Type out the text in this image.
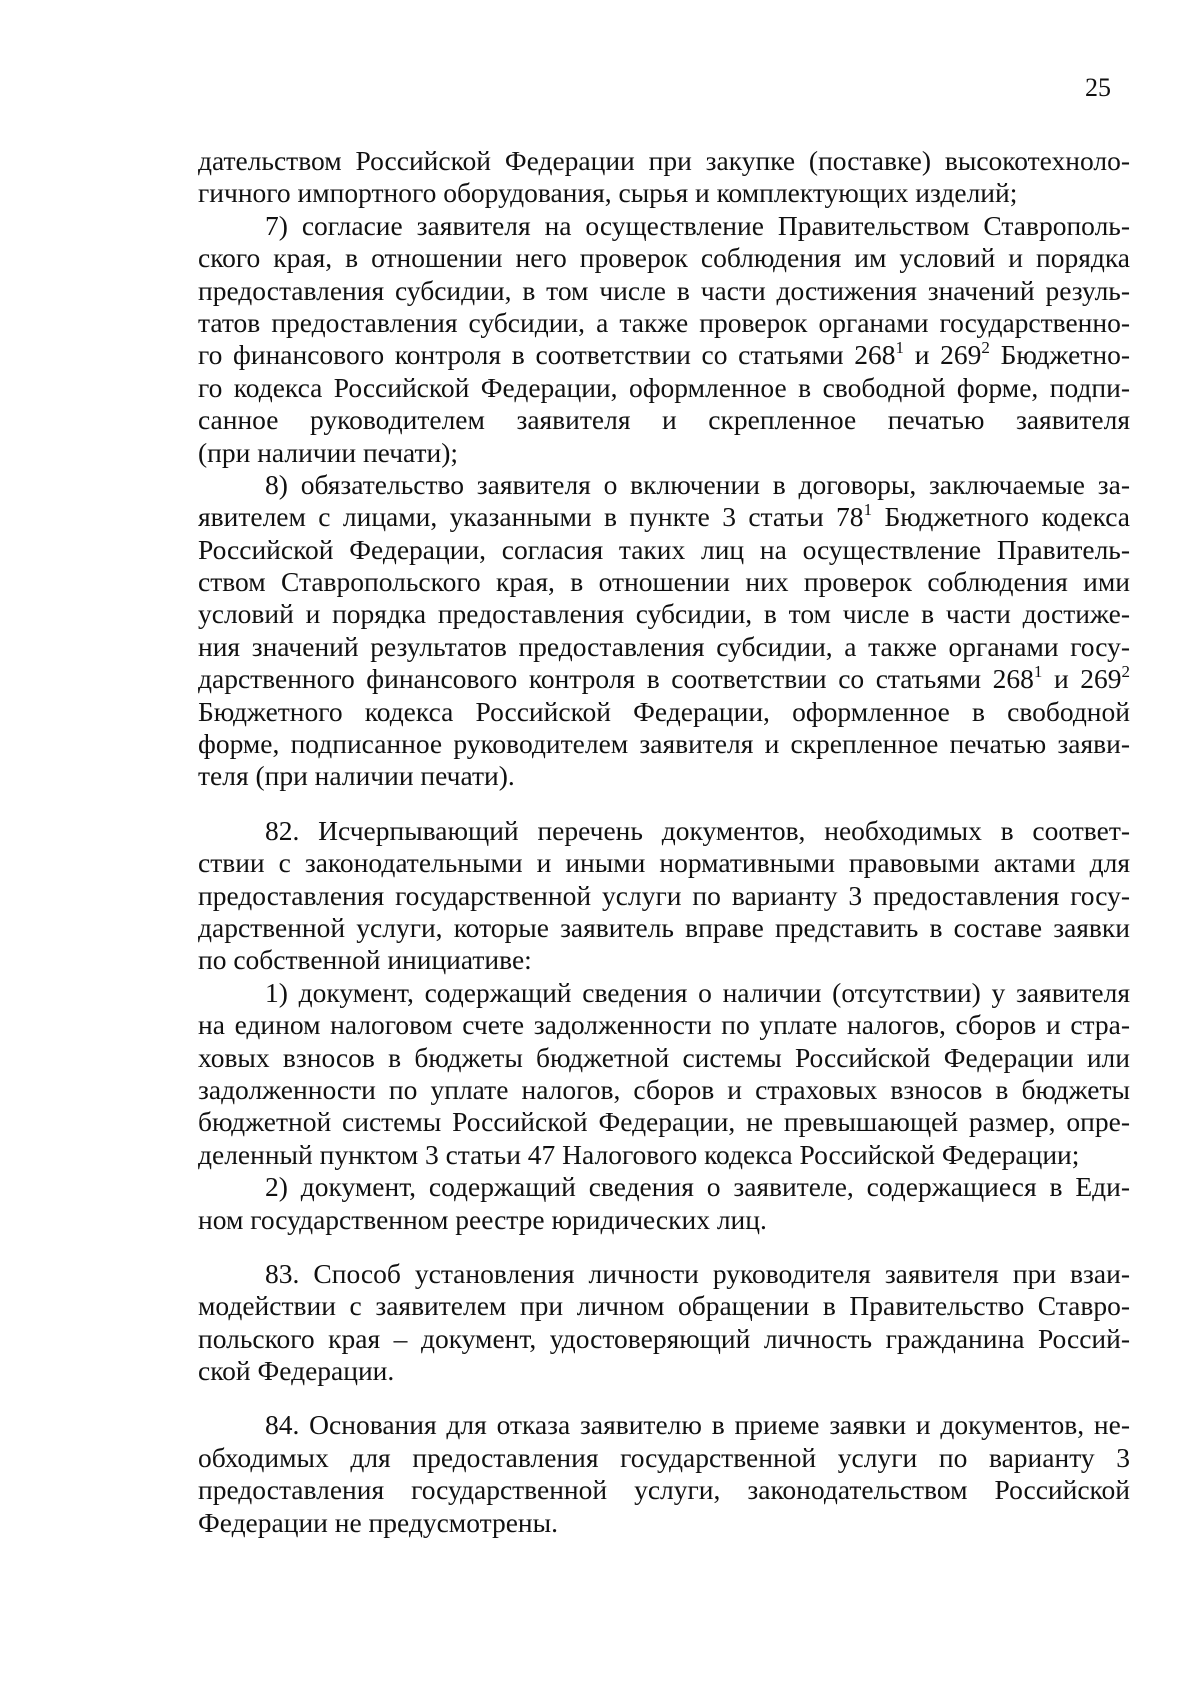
25
дательством Российской Федерации при закупке (поставке) высокотехноло-
гичного импортного оборудования, сырья и комплектующих изделий;
7) согласие заявителя на осуществление Правительством Ставрополь-
ского края, в отношении него проверок соблюдения им условий и порядка
предоставления субсидии, в том числе в части достижения значений резуль-
татов предоставления субсидии, а также проверок органами государственно-
го финансового контроля в соответствии со статьями $268^1$ и $269^2$ Бюджетно-
го кодекса Российской Федерации, оформленное в свободной форме, подпи-
санное руководителем заявителя и скрепленное печатью заявителя
(при наличии печати);
8) обязательство заявителя о включении в договоры, заключаемые за-
явителем с лицами, указанными в пункте 3 статьи $78^1$ Бюджетного кодекса
Российской Федерации, согласия таких лиц на осуществление Правитель-
ством Ставропольского края, в отношении них проверок соблюдения ими
условий и порядка предоставления субсидии, в том числе в части достиже-
ния значений результатов предоставления субсидии, а также органами госу-
дарственного финансового контроля в соответствии со статьями $268^1$ и $269^2$
Бюджетного кодекса Российской Федерации, оформленное в свободной
форме, подписанное руководителем заявителя и скрепленное печатью заяви-
теля (при наличии печати).
82. Исчерпывающий перечень документов, необходимых в соответ-
ствии с законодательными и иными нормативными правовыми актами для
предоставления государственной услуги по варианту 3 предоставления госу-
дарственной услуги, которые заявитель вправе представить в составе заявки
по собственной инициативе:
1) документ, содержащий сведения о наличии (отсутствии) у заявителя
на едином налоговом счете задолженности по уплате налогов, сборов и стра-
ховых взносов в бюджеты бюджетной системы Российской Федерации или
задолженности по уплате налогов, сборов и страховых взносов в бюджеты
бюджетной системы Российской Федерации, не превышающей размер, опре-
деленный пунктом 3 статьи 47 Налогового кодекса Российской Федерации;
2) документ, содержащий сведения о заявителе, содержащиеся в Еди-
ном государственном реестре юридических лиц.
83. Способ установления личности руководителя заявителя при взаи-
модействии с заявителем при личном обращении в Правительство Ставро-
польского края – документ, удостоверяющий личность гражданина Россий-
ской Федерации.
84. Основания для отказа заявителю в приеме заявки и документов, не-
обходимых для предоставления государственной услуги по варианту 3
предоставления государственной услуги, законодательством Российской
Федерации не предусмотрены.
